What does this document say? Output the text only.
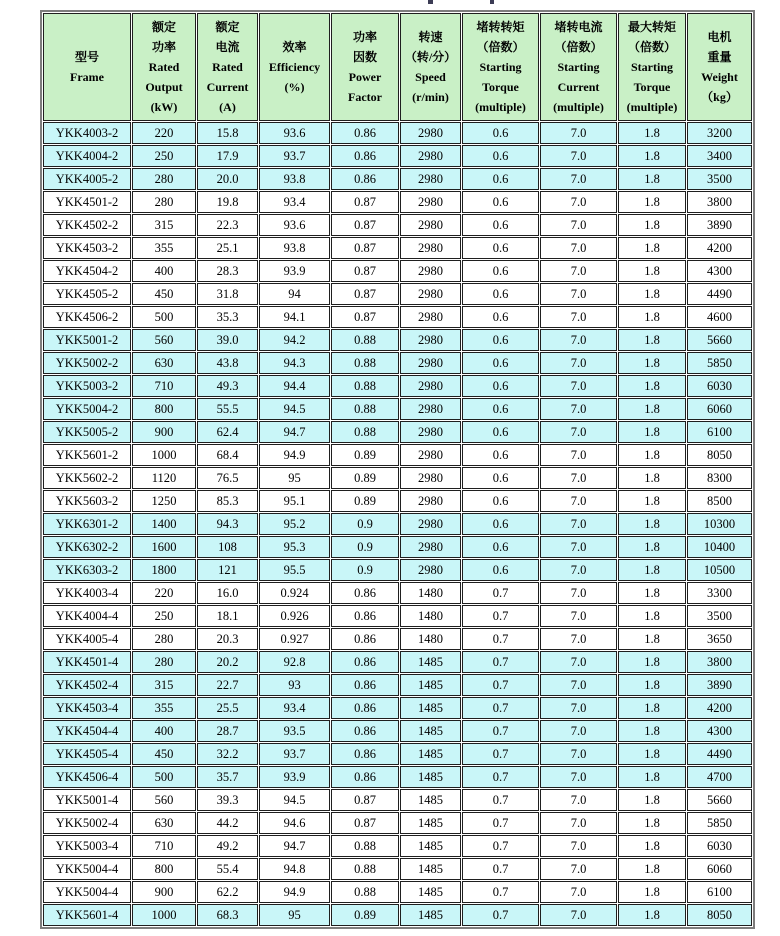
型号
Frame

额定
功率
Rated
Output
(kW)

额定
电流
Rated
Current
(A)

效率
Efficiency
(%)

功率
因数
Power
Factor

转速
（转/分）
Speed
(r/min)

堵转转矩
（倍数）
Starting
Torque
(multiple)

堵转电流
（倍数）
Starting
Current
(multiple)

最大转矩
（倍数）
Starting
Torque
(multiple)

电机
重量
Weight
（kg）

YKK4003-2	220	15.8	93.6	0.86	2980	0.6	7.0	1.8	3200
YKK4004-2	250	17.9	93.7	0.86	2980	0.6	7.0	1.8	3400
YKK4005-2	280	20.0	93.8	0.86	2980	0.6	7.0	1.8	3500
YKK4501-2	280	19.8	93.4	0.87	2980	0.6	7.0	1.8	3800
YKK4502-2	315	22.3	93.6	0.87	2980	0.6	7.0	1.8	3890
YKK4503-2	355	25.1	93.8	0.87	2980	0.6	7.0	1.8	4200
YKK4504-2	400	28.3	93.9	0.87	2980	0.6	7.0	1.8	4300
YKK4505-2	450	31.8	94	0.87	2980	0.6	7.0	1.8	4490
YKK4506-2	500	35.3	94.1	0.87	2980	0.6	7.0	1.8	4600
YKK5001-2	560	39.0	94.2	0.88	2980	0.6	7.0	1.8	5660
YKK5002-2	630	43.8	94.3	0.88	2980	0.6	7.0	1.8	5850
YKK5003-2	710	49.3	94.4	0.88	2980	0.6	7.0	1.8	6030
YKK5004-2	800	55.5	94.5	0.88	2980	0.6	7.0	1.8	6060
YKK5005-2	900	62.4	94.7	0.88	2980	0.6	7.0	1.8	6100
YKK5601-2	1000	68.4	94.9	0.89	2980	0.6	7.0	1.8	8050
YKK5602-2	1120	76.5	95	0.89	2980	0.6	7.0	1.8	8300
YKK5603-2	1250	85.3	95.1	0.89	2980	0.6	7.0	1.8	8500
YKK6301-2	1400	94.3	95.2	0.9	2980	0.6	7.0	1.8	10300
YKK6302-2	1600	108	95.3	0.9	2980	0.6	7.0	1.8	10400
YKK6303-2	1800	121	95.5	0.9	2980	0.6	7.0	1.8	10500
YKK4003-4	220	16.0	0.924	0.86	1480	0.7	7.0	1.8	3300
YKK4004-4	250	18.1	0.926	0.86	1480	0.7	7.0	1.8	3500
YKK4005-4	280	20.3	0.927	0.86	1480	0.7	7.0	1.8	3650
YKK4501-4	280	20.2	92.8	0.86	1485	0.7	7.0	1.8	3800
YKK4502-4	315	22.7	93	0.86	1485	0.7	7.0	1.8	3890
YKK4503-4	355	25.5	93.4	0.86	1485	0.7	7.0	1.8	4200
YKK4504-4	400	28.7	93.5	0.86	1485	0.7	7.0	1.8	4300
YKK4505-4	450	32.2	93.7	0.86	1485	0.7	7.0	1.8	4490
YKK4506-4	500	35.7	93.9	0.86	1485	0.7	7.0	1.8	4700
YKK5001-4	560	39.3	94.5	0.87	1485	0.7	7.0	1.8	5660
YKK5002-4	630	44.2	94.6	0.87	1485	0.7	7.0	1.8	5850
YKK5003-4	710	49.2	94.7	0.88	1485	0.7	7.0	1.8	6030
YKK5004-4	800	55.4	94.8	0.88	1485	0.7	7.0	1.8	6060
YKK5004-4	900	62.2	94.9	0.88	1485	0.7	7.0	1.8	6100
YKK5601-4	1000	68.3	95	0.89	1485	0.7	7.0	1.8	8050
